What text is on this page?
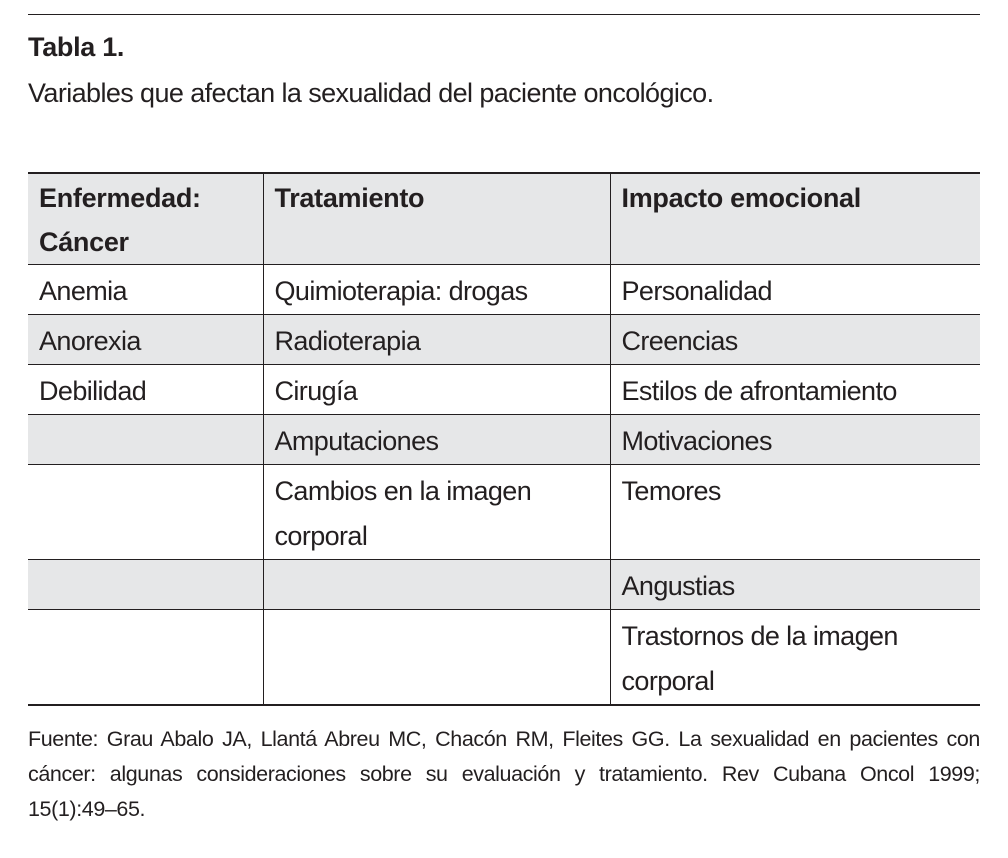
Tabla 1.
Variables que afectan la sexualidad del paciente oncológico.
Enfermedad: Cáncer	Tratamiento	Impacto emocional
Anemia	Quimioterapia: drogas	Personalidad
Anorexia	Radioterapia	Creencias
Debilidad	Cirugía	Estilos de afrontamiento
	Amputaciones	Motivaciones
	Cambios en la imagen corporal	Temores
		Angustias
		Trastornos de la imagen corporal
Fuente: Grau Abalo JA, Llantá Abreu MC, Chacón RM, Fleites GG. La sexualidad en pacientes con cáncer: algunas consideraciones sobre su evaluación y tratamiento. Rev Cubana Oncol 1999; 15(1):49–65.
